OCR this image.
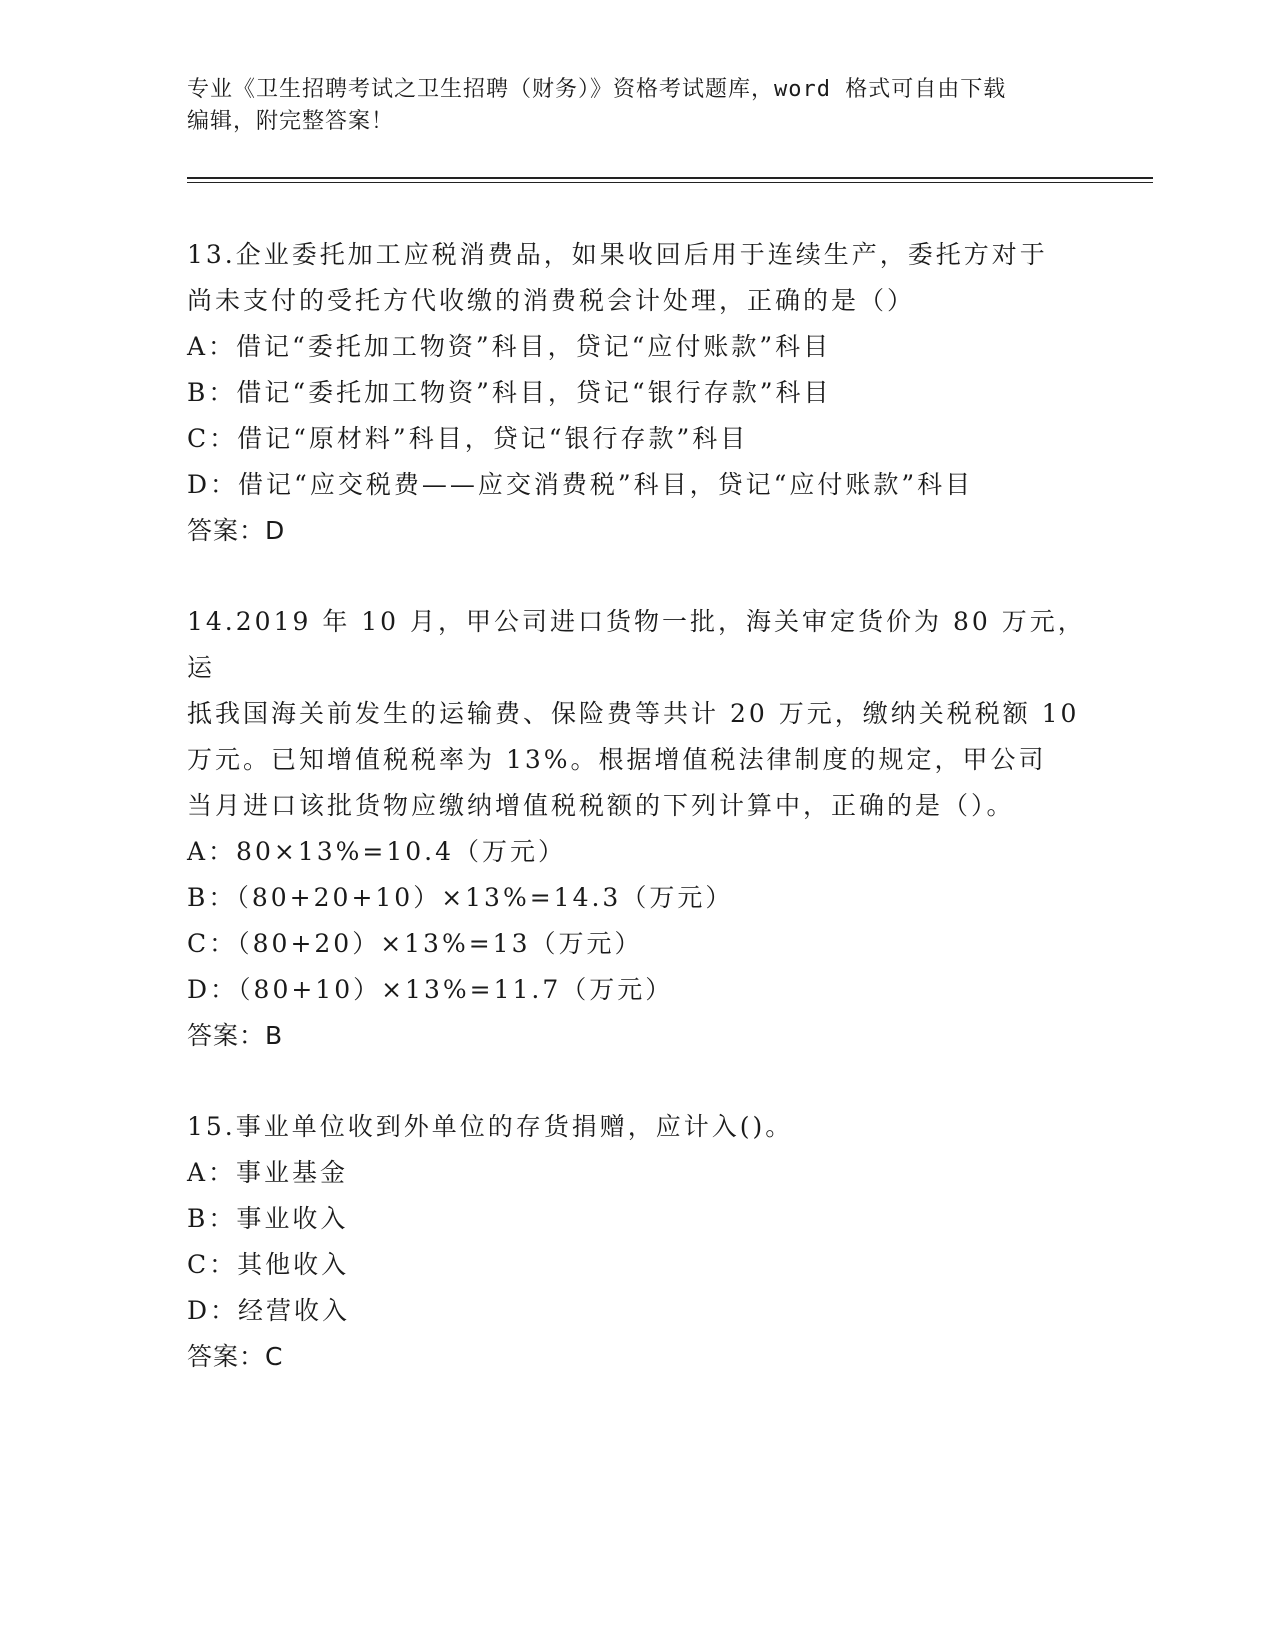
专业《卫生招聘考试之卫生招聘（财务）》资格考试题库，word 格式可自由下载
编辑，附完整答案！
13.企业委托加工应税消费品，如果收回后用于连续生产，委托方对于
尚未支付的受托方代收缴的消费税会计处理，正确的是（）
A：借记“委托加工物资”科目，贷记“应付账款”科目
B：借记“委托加工物资”科目，贷记“银行存款”科目
C：借记“原材料”科目，贷记“银行存款”科目
D：借记“应交税费——应交消费税”科目，贷记“应付账款”科目
答案：D
14.2019 年 10 月，甲公司进口货物一批，海关审定货价为 80 万元，运
抵我国海关前发生的运输费、保险费等共计 20 万元，缴纳关税税额 10
万元。已知增值税税率为 13%。根据增值税法律制度的规定，甲公司
当月进口该批货物应缴纳增值税税额的下列计算中，正确的是（）。
A：80×13%=10.4（万元）
B：（80+20+10）×13%=14.3（万元）
C：（80+20）×13%=13（万元）
D：（80+10）×13%=11.7（万元）
答案：B
15.事业单位收到外单位的存货捐赠，应计入()。
A：事业基金
B：事业收入
C：其他收入
D：经营收入
答案：C
